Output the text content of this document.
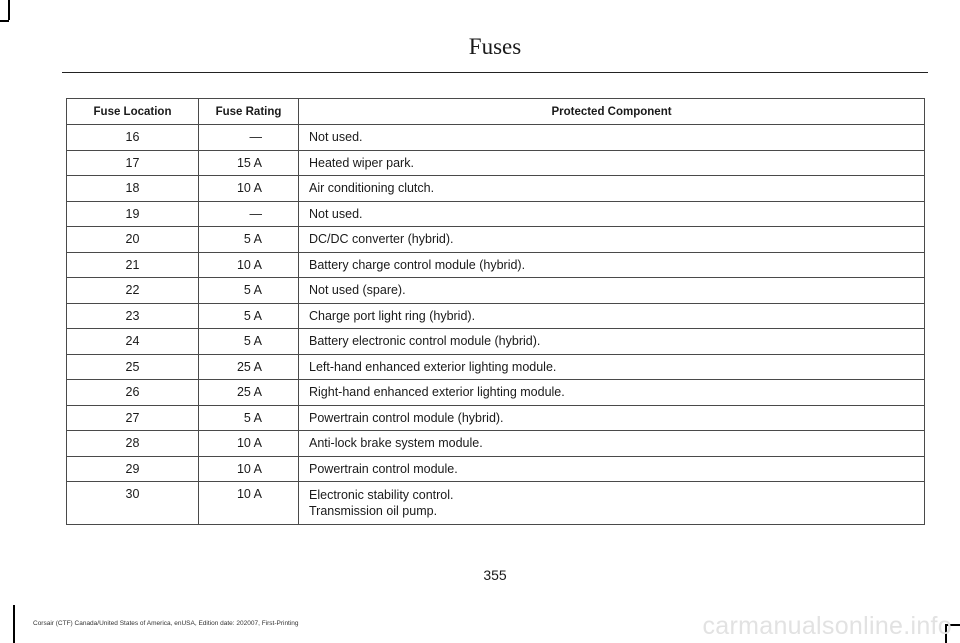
Fuses
Fuse Location	Fuse Rating	Protected Component
16	—	Not used.

17	15 A	Heated wiper park.

18	10 A	Air conditioning clutch.

19	—	Not used.

20	5 A	DC/DC converter (hybrid).

21	10 A	Battery charge control module (hybrid).

22	5 A	Not used (spare).

23	5 A	Charge port light ring (hybrid).

24	5 A	Battery electronic control module (hybrid).

25	25 A	Left-hand enhanced exterior lighting module.

26	25 A	Right-hand enhanced exterior lighting module.

27	5 A	Powertrain control module (hybrid).

28	10 A	Anti-lock brake system module.

29	10 A	Powertrain control module.

30	10 A	Electronic stability control.
Transmission oil pump.
355
Corsair (CTF) Canada/United States of America, enUSA, Edition date: 202007, First-Printing	carmanualsonline.info
